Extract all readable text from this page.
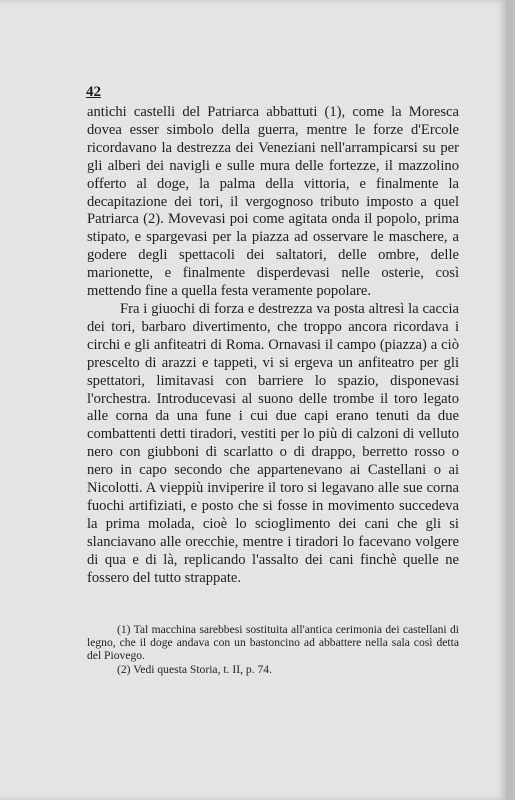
42

antichi castelli del Patriarca abbattuti (1), come la Moresca dovea esser simbolo della guerra, mentre le forze d'Ercole ricordavano la destrezza dei Veneziani nell'arrampicarsi su per gli alberi dei navigli e sulle mura delle fortezze, il mazzolino offerto al doge, la palma della vittoria, e finalmente la decapitazione dei tori, il vergognoso tributo imposto a quel Patriarca (2). Movevasi poi come agitata onda il popolo, prima stipato, e spargevasi per la piazza ad osservare le maschere, a godere degli spettacoli dei saltatori, delle ombre, delle marionette, e finalmente disperdevasi nelle osterie, così mettendo fine a quella festa veramente popolare.

Fra i giuochi di forza e destrezza va posta altresì la caccia dei tori, barbaro divertimento, che troppo ancora ricordava i circhi e gli anfiteatri di Roma. Ornavasi il campo (piazza) a ciò prescelto di arazzi e tappeti, vi si ergeva un anfiteatro per gli spettatori, limitavasi con barriere lo spazio, disponevasi l'orchestra. Introducevasi al suono delle trombe il toro legato alle corna da una fune i cui due capi erano tenuti da due combattenti detti tiradori, vestiti per lo più di calzoni di velluto nero con giubboni di scarlatto o di drappo, berretto rosso o nero in capo secondo che appartenevano ai Castellani o ai Nicolotti. A vieppiù inviperire il toro si legavano alle sue corna fuochi artifiziati, e posto che si fosse in movimento succedeva la prima molada, cioè lo scioglimento dei cani che gli si slanciavano alle orecchie, mentre i tiradori lo facevano volgere di qua e di là, replicando l'assalto dei cani finchè quelle ne fossero del tutto strappate.

(1) Tal macchina sarebbesi sostituita all'antica cerimonia dei castellani di legno, che il doge andava con un bastoncino ad abbattere nella sala così detta del Piovego.

(2) Vedi questa Storia, t. II, p. 74.
